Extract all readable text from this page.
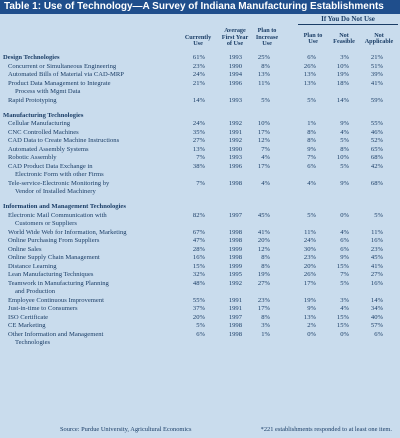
Table 1: Use of Technology—A Survey of Indiana Manufacturing Establishments
If You Do Not Use
Currently
Use
Average
First Year
of Use
Plan to
Increase
Use
Plan to
Use
Not
Feasible
Not
Applicable
Design Technologies	61%	1993 25%	6%	3%	21%
Concurrent or Simultaneous Engineering	23%	1990	8%	26%	10%	51%
Automated Bills of Material via CAD-MRP	24%	1994 13%	13%	19%	39%
Product Data Management to Integrate	21%	1996	11%	13%	18%	41%
Process with Mgmt Data
Rapid Prototyping	14%	1993	5%	5%	14%	59%
Manufacturing Technologies
Cellular Manufacturing	24%	1992 10%	1%	9%	55%
CNC Controlled Machines	35%	1991 17%	8%	4%	46%
CAD Data to Create Machine Instructions	27%	1992 12%	8%	5%	52%
Automated Assembly Systems	13%	1990	7%	9%	8%	65%
Robotic Assembly	7%	1993	4%	7%	10%	68%
CAD Product Data Exchange in	38%	1996 17%	6%	5%	42%
Electronic Form with other Firms
Tele-service-Electronic Monitoring by	7%	1998	4%	4%	9%	68%
Vendor of Installed Machinery
Information and Management Technologies
Electronic Mail Communication with	82%	1997 45%	5%	0%	5%
Customers or Suppliers
World Wide Web for Information, Marketing	67%	1998 41%	11%	4%	11%
Online Purchasing From Suppliers	47%	1998 20%	24%	6%	16%
Online Sales	28%	1999 12%	30%	6%	23%
Online Supply Chain Management	16%	1998	8%	23%	9%	45%
Distance Learning	15%	1999	8%	20%	15%	41%
Lean Manufacturing Techniques	32%	1995 19%	26%	7%	27%
Teamwork in Manufacturing Planning	48%	1992 27%	17%	5%	16%
and Production
Employee Continuous Improvement	55%	1991 23%	19%	3%	14%
Just-in-time to Consumers	37%	1991 17%	9%	4%	34%
ISO Certificate	20%	1997	8%	13%	15%	40%
CE Marketing	5%	1998	3%	2%	15%	57%
Other Information and Management	6%	1998	1%	0%	0%	6%
Technologies
Source: Purdue University, Agricultural Economics	*221 establishments responded to at least one item.
